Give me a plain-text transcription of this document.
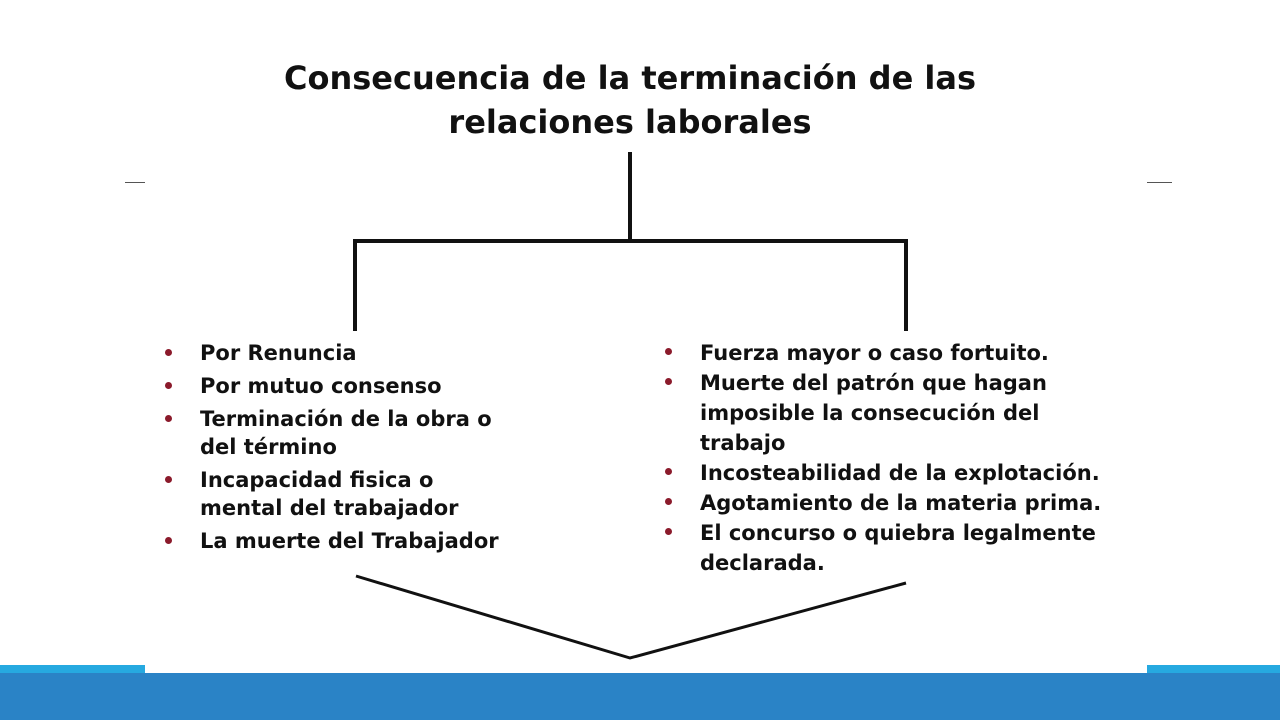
Consecuencia de la terminación de las
relaciones laborales
Por Renuncia
Por mutuo consenso
Terminación de la obra o
del término
Incapacidad fisica o
mental del trabajador
La muerte del Trabajador
Fuerza mayor o caso fortuito.
Muerte del patrón que hagan
imposible la consecución del
trabajo
Incosteabilidad de la explotación.
Agotamiento de la materia prima.
El concurso o quiebra legalmente
declarada.
